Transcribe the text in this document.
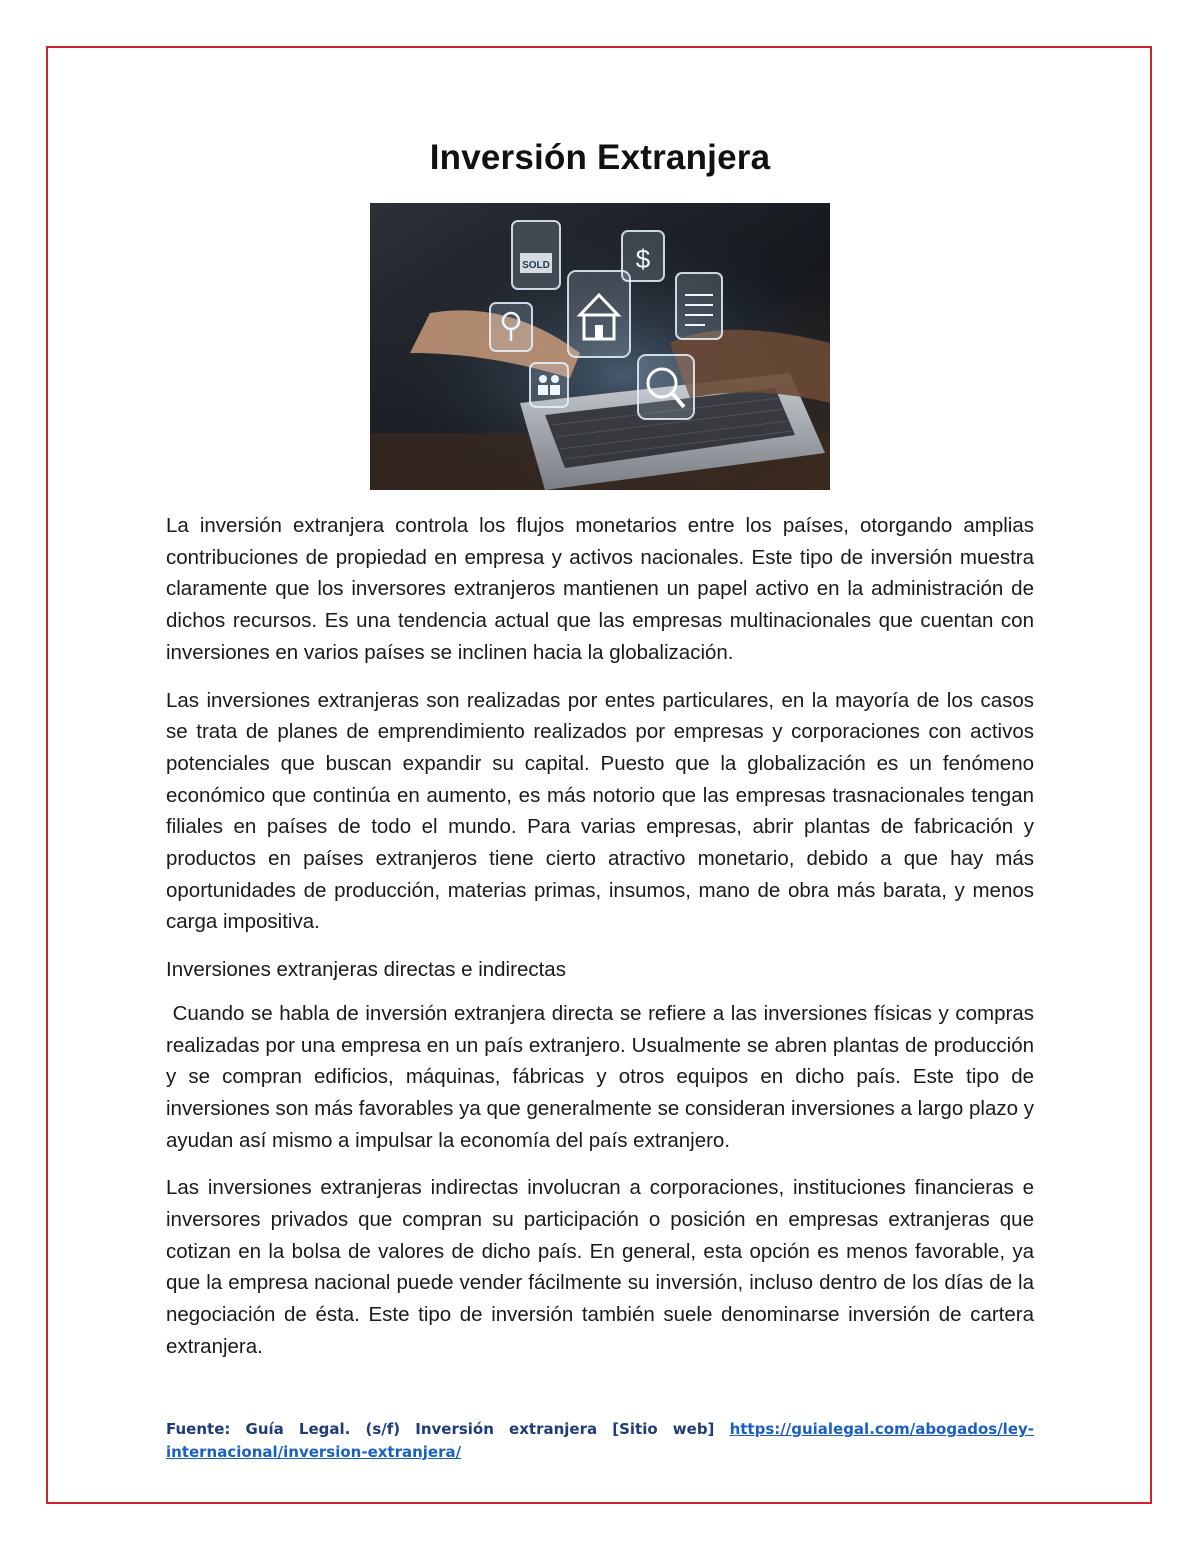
Inversión Extranjera
SOLD	$

La inversión extranjera controla los flujos monetarios entre los países, otorgando amplias contribuciones de propiedad en empresa y activos nacionales. Este tipo de inversión muestra claramente que los inversores extranjeros mantienen un papel activo en la administración de dichos recursos. Es una tendencia actual que las empresas multinacionales que cuentan con inversiones en varios países se inclinen hacia la globalización.

Las inversiones extranjeras son realizadas por entes particulares, en la mayoría de los casos se trata de planes de emprendimiento realizados por empresas y corporaciones con activos potenciales que buscan expandir su capital. Puesto que la globalización es un fenómeno económico que continúa en aumento, es más notorio que las empresas trasnacionales tengan filiales en países de todo el mundo. Para varias empresas, abrir plantas de fabricación y productos en países extranjeros tiene cierto atractivo monetario, debido a que hay más oportunidades de producción, materias primas, insumos, mano de obra más barata, y menos carga impositiva.

Inversiones extranjeras directas e indirectas

Cuando se habla de inversión extranjera directa se refiere a las inversiones físicas y compras realizadas por una empresa en un país extranjero. Usualmente se abren plantas de producción y se compran edificios, máquinas, fábricas y otros equipos en dicho país. Este tipo de inversiones son más favorables ya que generalmente se consideran inversiones a largo plazo y ayudan así mismo a impulsar la economía del país extranjero.

Las inversiones extranjeras indirectas involucran a corporaciones, instituciones financieras e inversores privados que compran su participación o posición en empresas extranjeras que cotizan en la bolsa de valores de dicho país. En general, esta opción es menos favorable, ya que la empresa nacional puede vender fácilmente su inversión, incluso dentro de los días de la negociación de ésta. Este tipo de inversión también suele denominarse inversión de cartera extranjera.

Fuente: Guía Legal. (s/f) Inversión extranjera [Sitio web] https://guialegal.com/abogados/ley-internacional/inversion-extranjera/
